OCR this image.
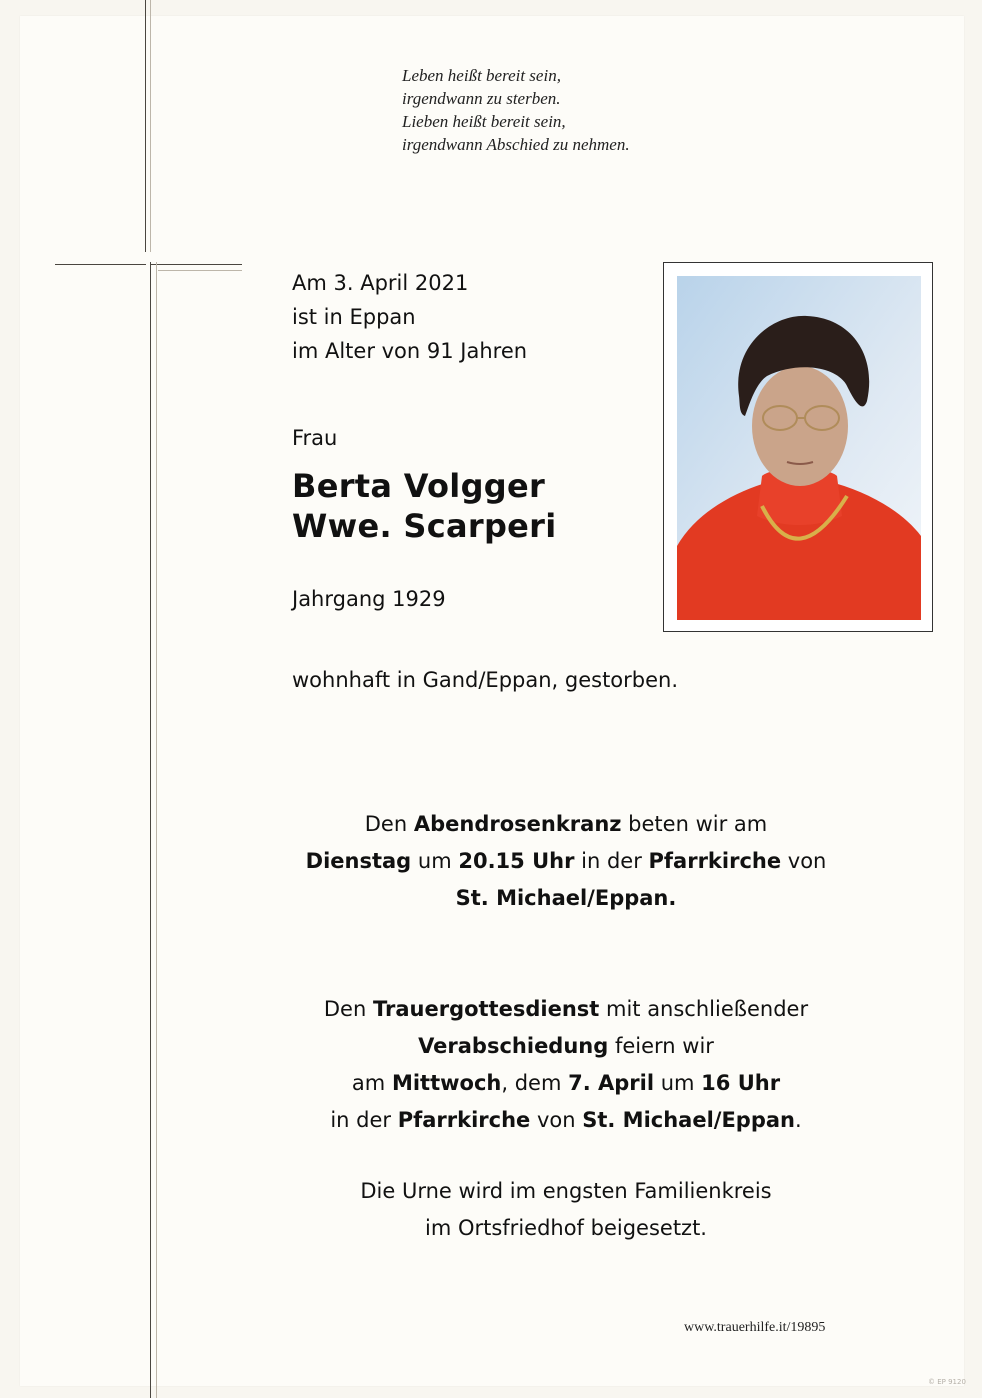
Leben heißt bereit sein,
irgendwann zu sterben.
Lieben heißt bereit sein,
irgendwann Abschied zu nehmen.
Am 3. April 2021
ist in Eppan
im Alter von 91 Jahren
Frau
Berta Volgger
Wwe. Scarperi
Jahrgang 1929
wohnhaft in Gand/Eppan, gestorben.
Den Abendrosenkranz beten wir am
Dienstag um 20.15 Uhr in der Pfarrkirche von
St. Michael/Eppan.
Den Trauergottesdienst mit anschließender
Verabschiedung feiern wir
am Mittwoch, dem 7. April um 16 Uhr
in der Pfarrkirche von St. Michael/Eppan.
Die Urne wird im engsten Familienkreis
im Ortsfriedhof beigesetzt.
www.trauerhilfe.it/19895
© EP 9120
